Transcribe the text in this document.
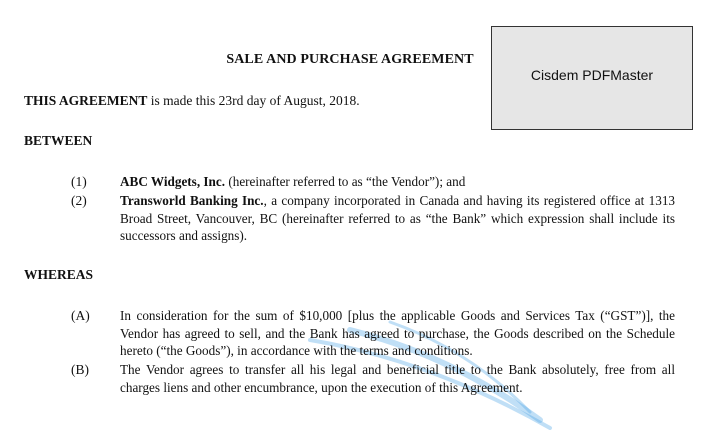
SALE AND PURCHASE AGREEMENT
Cisdem PDFMaster
THIS AGREEMENT is made this 23rd day of August, 2018.
BETWEEN
(1)	ABC Widgets, Inc. (hereinafter referred to as “the Vendor”); and
(2)	Transworld Banking Inc., a company incorporated in Canada and having its registered office at 1313 Broad Street, Vancouver, BC (hereinafter referred to as “the Bank” which expression shall include its successors and assigns).
WHEREAS
(A) In consideration for the sum of $10,000 [plus the applicable Goods and Services Tax (“GST”)], the Vendor has agreed to sell, and the Bank has agreed to purchase, the Goods described on the Schedule hereto (“the Goods”), in accordance with the terms and conditions.
(B) The Vendor agrees to transfer all his legal and beneficial title to the Bank absolutely, free from all charges liens and other encumbrance, upon the execution of this Agreement.
